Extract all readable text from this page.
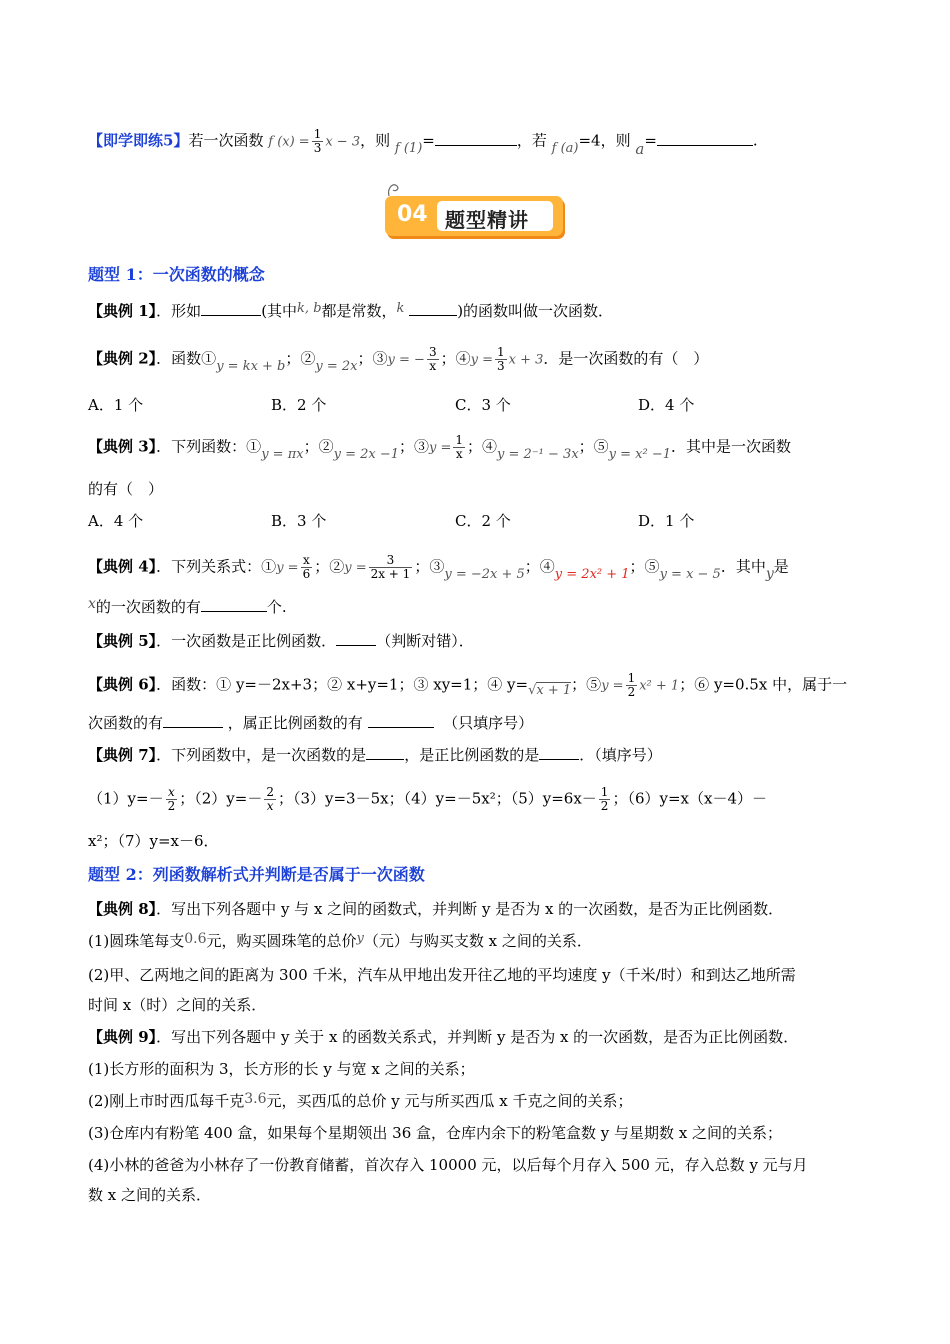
【即学即练5】若一次函数 f $(x) = \frac{1}{3}$ x − 3，则 f (1)=	，若 f (a)=4，则 a=	.
04 题型精讲
题型 1：一次函数的概念
【典例 1】．形如	(其中k, b都是常数，k	)的函数叫做一次函数．
【典例 2】．函数①y = kx + b；②y = 2x；③y = − $\frac{3}{x}$ ；④y = $\frac{1}{3}$ x + 3．是一次函数的有（　）
A．1 个	B．2 个	C．3 个	D．4 个
【典例 3】．下列函数：①y = πx；②y = 2x −1；③y = $\frac{1}{x}$ ；④y = 2⁻¹ − 3x；⑤y = x² −1．其中是一次函数
的有（　）
A．4 个	B．3 个	C．2 个	D．1 个
【典例 4】．下列关系式：①y = $\frac{x}{6}$ ；②y = $\frac{3}{2x + 1}$ ；③y = −2x + 5；④y = 2x² + 1；⑤y = x − 5．其中y是
x的一次函数的有	个.
【典例 5】．一次函数是正比例函数．	（判断对错）．
【典例 6】．函数：① y=－2x+3；② x+y=1；③ xy=1；④ y=√x + 1；⑤y = $\frac{1}{2} x^2 + 1$；⑥ y=0.5x 中，属于一
次函数的有	，属正比例函数的有	（只填序号）
【典例 7】．下列函数中，是一次函数的是	，是正比例函数的是	．（填序号）
$(1)y=- \frac{x}{2}$ ；$(2)y=- \frac{2}{x}$ ；（3）y=3－5x；（4）y=－5x²；$(5)y=6x- \frac{1}{2}$ ；（6）y=x（x－4）－
x²；（7）y=x－6．
题型 2：列函数解析式并判断是否属于一次函数
【典例 8】．写出下列各题中 y 与 x 之间的函数式，并判断 y 是否为 x 的一次函数，是否为正比例函数．
(1)圆珠笔每支0.6元，购买圆珠笔的总价y（元）与购买支数 x 之间的关系．
(2)甲、乙两地之间的距离为 300 千米，汽车从甲地出发开往乙地的平均速度 y（千米/时）和到达乙地所需
时间 x（时）之间的关系．
【典例 9】．写出下列各题中 y 关于 x 的函数关系式，并判断 y 是否为 x 的一次函数，是否为正比例函数．
(1)长方形的面积为 3，长方形的长 y 与宽 x 之间的关系；
(2)刚上市时西瓜每千克3.6元，买西瓜的总价 y 元与所买西瓜 x 千克之间的关系；
(3)仓库内有粉笔 400 盒，如果每个星期领出 36 盒，仓库内余下的粉笔盒数 y 与星期数 x 之间的关系；
(4)小林的爸爸为小林存了一份教育储蓄，首次存入 10000 元，以后每个月存入 500 元，存入总数 y 元与月
数 x 之间的关系．
